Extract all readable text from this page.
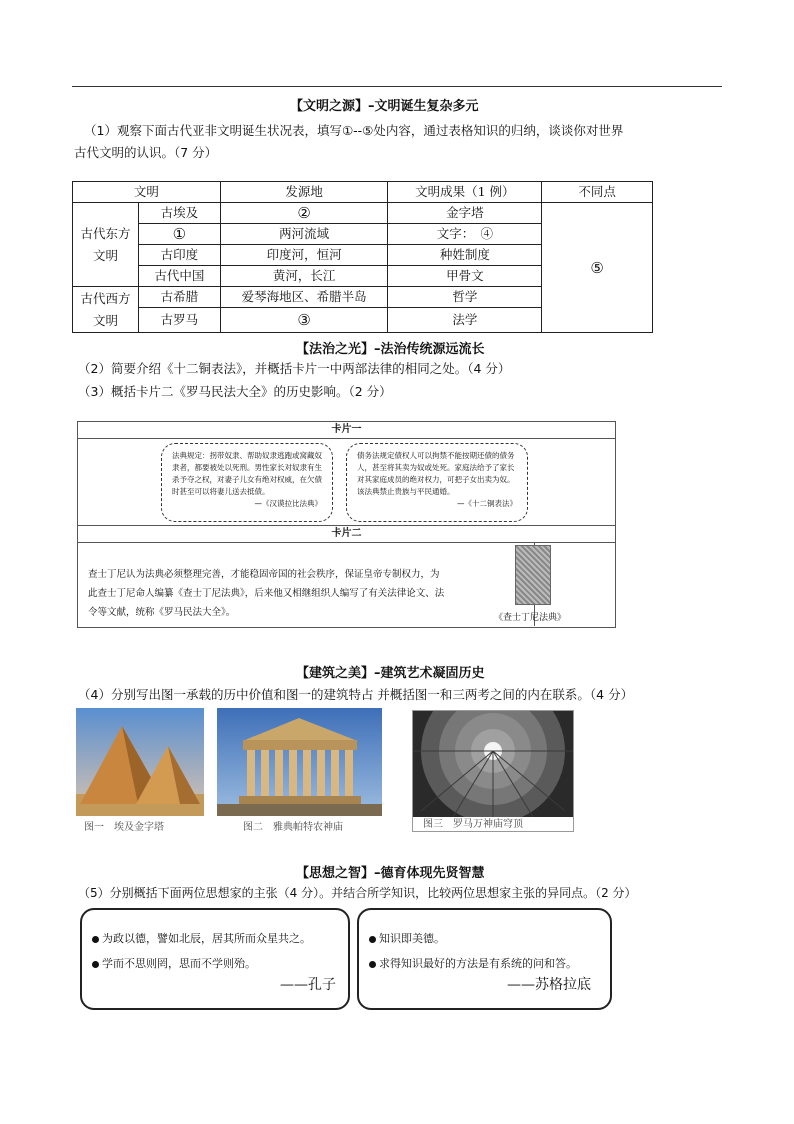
【文明之源】–文明诞生复杂多元
（1）观察下面古代亚非文明诞生状况表，填写①--⑤处内容，通过表格知识的归纳，谈谈你对世界
古代文明的认识。（7 分）
文明		发源地	文明成果（1 例）	不同点
古代东方文明	古埃及	②	金字塔	⑤
	①	两河流域	文字：　④	
	古印度	印度河，恒河	种姓制度	
	古代中国	黄河，长江	甲骨文	
古代西方文明	古希腊	爱琴海地区、希腊半岛	哲学	
	古罗马	③	法学	
【法治之光】–法治传统源远流长
（2）简要介绍《十二铜表法》，并概括卡片一中两部法律的相同之处。（4 分）
（3）概括卡片二《罗马民法大全》的历史影响。（2 分）
卡片一
法典规定：拐带奴隶、帮助奴隶逃跑或窝藏奴隶者，都要被处以死刑。男性家长对奴隶有生杀予夺之权，对妻子儿女有绝对权威，在欠债时甚至可以将妻儿送去抵债。
—《汉谟拉比法典》
债务法规定债权人可以拘禁不能按期还债的债务人，甚至将其卖为奴或处死。家庭法给予了家长对其家庭成员的绝对权力，可把子女出卖为奴。该法典禁止贵族与平民通婚。
—《十二铜表法》
卡片二
查士丁尼认为法典必须整理完善，才能稳固帝国的社会秩序，保证皇帝专制权力，为此查士丁尼命人编纂《查士丁尼法典》，后来他又相继组织人编写了有关法律论文、法令等文献，统称《罗马民法大全》。	《查士丁尼法典》
【建筑之美】–建筑艺术凝固历史
（4）分别写出图一承载的历中价值和图一的建筑特占 并概括图一和三两考之间的内在联系。（4 分）
图一　埃及金字塔	图二　雅典帕特农神庙	图三　罗马万神庙穹顶
【思想之智】–德育体现先贤智慧
（5）分别概括下面两位思想家的主张（4 分）。并结合所学知识，比较两位思想家主张的异同点。（2 分）
为政以德，譬如北辰，居其所而众星共之。
学而不思则罔，思而不学则殆。
——孔子
知识即美德。
求得知识最好的方法是有系统的问和答。
——苏格拉底
